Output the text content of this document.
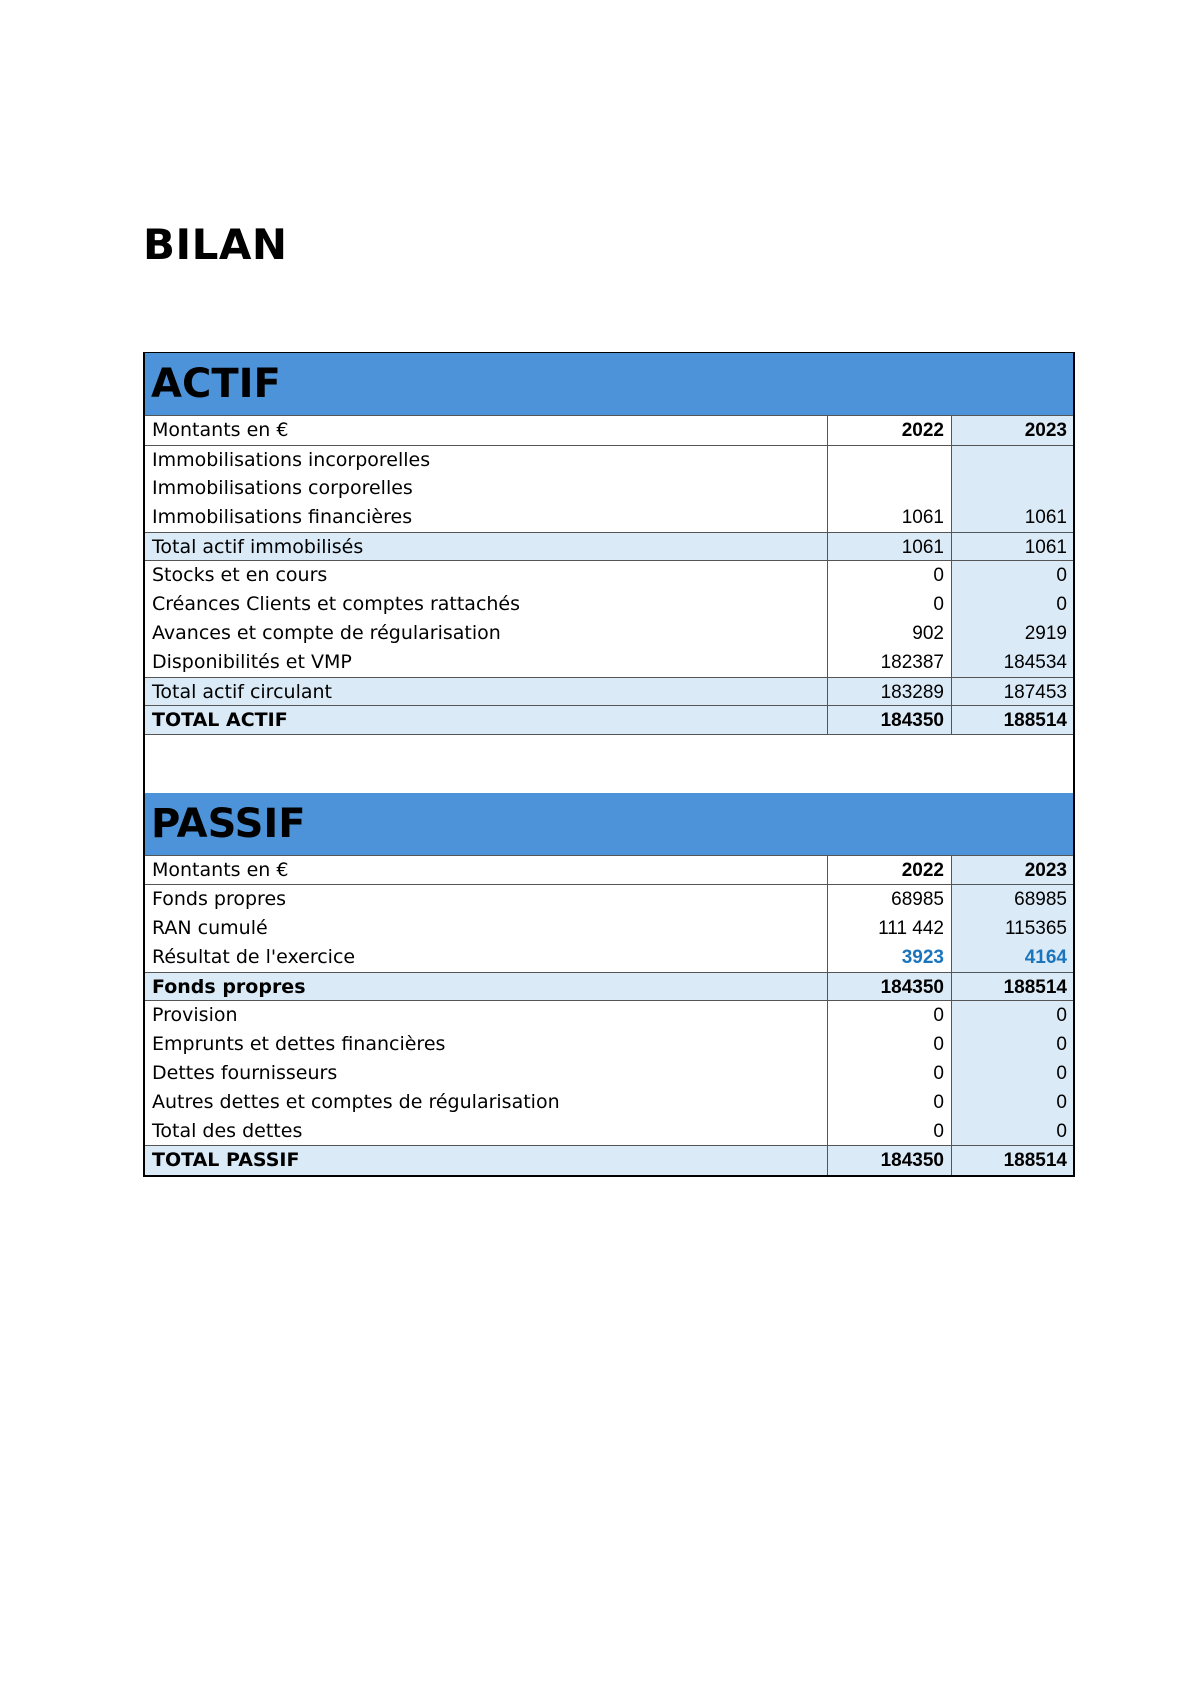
BILAN
ACTIF
Montants en €	2022	2023
Immobilisations incorporelles
Immobilisations corporelles
Immobilisations financières	1061	1061
Total actif immobilisés	1061	1061
Stocks et en cours	0	0
Créances Clients et comptes rattachés	0	0
Avances et compte de régularisation	902	2919
Disponibilités et VMP	182387	184534
Total actif circulant	183289	187453
TOTAL ACTIF	184350	188514
PASSIF
Montants en €	2022	2023
Fonds propres	68985	68985
RAN cumulé	111 442	115365
Résultat de l'exercice	3923	4164
Fonds propres	184350	188514
Provision	0	0
Emprunts et dettes financières	0	0
Dettes fournisseurs	0	0
Autres dettes et comptes de régularisation	0	0
Total des dettes	0	0
TOTAL PASSIF	184350	188514
